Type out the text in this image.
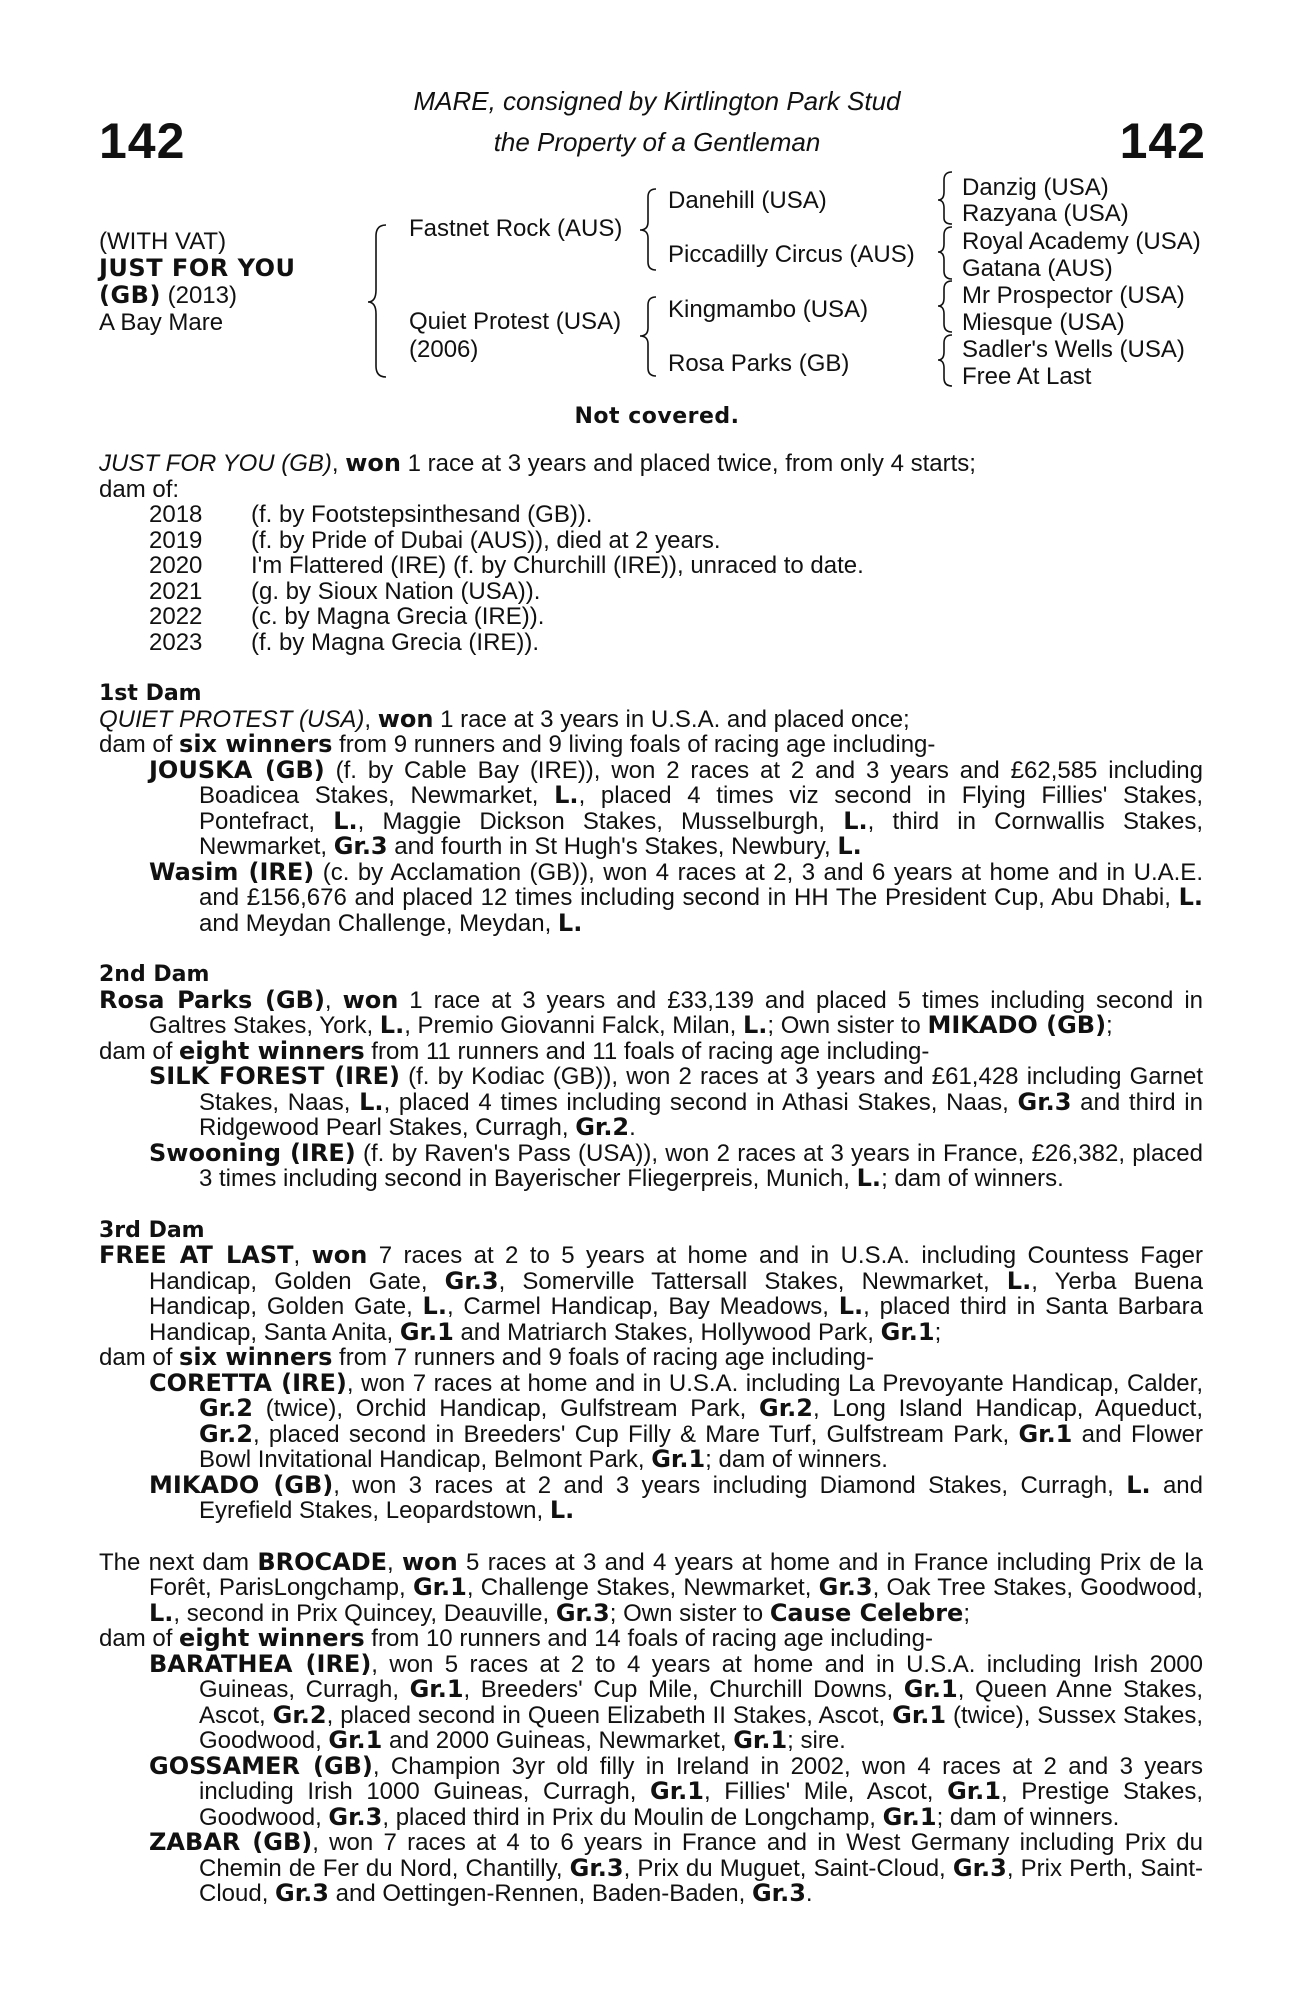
142	142
MARE, consigned by Kirtlington Park Stud
the Property of a Gentleman
(WITH VAT)
JUST FOR YOU
(GB) (2013)
A Bay Mare
Fastnet Rock (AUS)
Quiet Protest (USA)
(2006)
Danehill (USA)
Piccadilly Circus (AUS)
Kingmambo (USA)
Rosa Parks (GB)
Danzig (USA)
Razyana (USA)
Royal Academy (USA)
Gatana (AUS)
Mr Prospector (USA)
Miesque (USA)
Sadler's Wells (USA)
Free At Last
Not covered.

JUST FOR YOU (GB), won 1 race at 3 years and placed twice, from only 4 starts;

dam of:

2018	(f. by Footstepsinthesand (GB)).
2019	(f. by Pride of Dubai (AUS)), died at 2 years.
2020	I'm Flattered (IRE) (f. by Churchill (IRE)), unraced to date.
2021	(g. by Sioux Nation (USA)).
2022	(c. by Magna Grecia (IRE)).
2023	(f. by Magna Grecia (IRE)).

1st Dam

QUIET PROTEST (USA), won 1 race at 3 years in U.S.A. and placed once;

dam of six winners from 9 runners and 9 living foals of racing age including-

JOUSKA (GB) (f. by Cable Bay (IRE)), won 2 races at 2 and 3 years and £62,585 including Boadicea Stakes, Newmarket, L., placed 4 times viz second in Flying Fillies' Stakes, Pontefract, L., Maggie Dickson Stakes, Musselburgh, L., third in Cornwallis Stakes, Newmarket, Gr.3 and fourth in St Hugh's Stakes, Newbury, L.

Wasim (IRE) (c. by Acclamation (GB)), won 4 races at 2, 3 and 6 years at home and in U.A.E. and £156,676 and placed 12 times including second in HH The President Cup, Abu Dhabi, L. and Meydan Challenge, Meydan, L.

2nd Dam

Rosa Parks (GB), won 1 race at 3 years and £33,139 and placed 5 times including second in Galtres Stakes, York, L., Premio Giovanni Falck, Milan, L.; Own sister to MIKADO (GB);

dam of eight winners from 11 runners and 11 foals of racing age including-

SILK FOREST (IRE) (f. by Kodiac (GB)), won 2 races at 3 years and £61,428 including Garnet Stakes, Naas, L., placed 4 times including second in Athasi Stakes, Naas, Gr.3 and third in Ridgewood Pearl Stakes, Curragh, Gr.2.

Swooning (IRE) (f. by Raven's Pass (USA)), won 2 races at 3 years in France, £26,382, placed 3 times including second in Bayerischer Fliegerpreis, Munich, L.; dam of winners.

3rd Dam

FREE AT LAST, won 7 races at 2 to 5 years at home and in U.S.A. including Countess Fager Handicap, Golden Gate, Gr.3, Somerville Tattersall Stakes, Newmarket, L., Yerba Buena Handicap, Golden Gate, L., Carmel Handicap, Bay Meadows, L., placed third in Santa Barbara Handicap, Santa Anita, Gr.1 and Matriarch Stakes, Hollywood Park, Gr.1;

dam of six winners from 7 runners and 9 foals of racing age including-

CORETTA (IRE), won 7 races at home and in U.S.A. including La Prevoyante Handicap, Calder, Gr.2 (twice), Orchid Handicap, Gulfstream Park, Gr.2, Long Island Handicap, Aqueduct, Gr.2, placed second in Breeders' Cup Filly & Mare Turf, Gulfstream Park, Gr.1 and Flower Bowl Invitational Handicap, Belmont Park, Gr.1; dam of winners.

MIKADO (GB), won 3 races at 2 and 3 years including Diamond Stakes, Curragh, L. and Eyrefield Stakes, Leopardstown, L.

The next dam BROCADE, won 5 races at 3 and 4 years at home and in France including Prix de la Forêt, ParisLongchamp, Gr.1, Challenge Stakes, Newmarket, Gr.3, Oak Tree Stakes, Goodwood, L., second in Prix Quincey, Deauville, Gr.3; Own sister to Cause Celebre;

dam of eight winners from 10 runners and 14 foals of racing age including-

BARATHEA (IRE), won 5 races at 2 to 4 years at home and in U.S.A. including Irish 2000 Guineas, Curragh, Gr.1, Breeders' Cup Mile, Churchill Downs, Gr.1, Queen Anne Stakes, Ascot, Gr.2, placed second in Queen Elizabeth II Stakes, Ascot, Gr.1 (twice), Sussex Stakes, Goodwood, Gr.1 and 2000 Guineas, Newmarket, Gr.1; sire.

GOSSAMER (GB), Champion 3yr old filly in Ireland in 2002, won 4 races at 2 and 3 years including Irish 1000 Guineas, Curragh, Gr.1, Fillies' Mile, Ascot, Gr.1, Prestige Stakes, Goodwood, Gr.3, placed third in Prix du Moulin de Longchamp, Gr.1; dam of winners.

ZABAR (GB), won 7 races at 4 to 6 years in France and in West Germany including Prix du Chemin de Fer du Nord, Chantilly, Gr.3, Prix du Muguet, Saint-Cloud, Gr.3, Prix Perth, Saint-Cloud, Gr.3 and Oettingen-Rennen, Baden-Baden, Gr.3.
